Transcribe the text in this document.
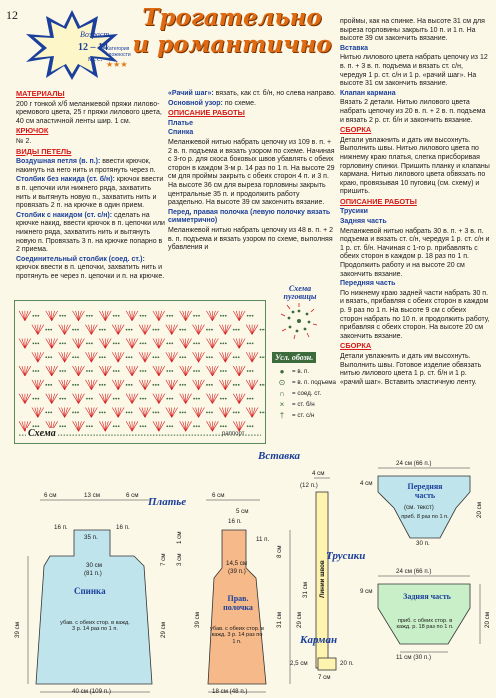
12
Возраст
12 – 14
мес.
Категория сложности
★★★
Трогательно
и романтично

МАТЕРИАЛЫ

200 г тонкой х/б меланжевой пряжи лилово-кремового цвета, 25 г пряжи лилового цвета, 40 см эластичной ленты шир. 1 см.

КРЮЧОК

№ 2.

ВИДЫ ПЕТЕЛЬ

Воздушная петля (в. п.): ввести крючок, накинуть на него нить и протянуть через п.

Столбик без накида (ст. б/н): крючок ввести в п. цепочки или нижнего ряда, захватить нить и вытянуть новую п., захватить нить и провязать 2 п. на крючке в один прием.

Столбик с накидом (ст. с/н): сделать на крючке накид, ввести крючок в п. цепочки или нижнего ряда, захватить нить и вытянуть новую п. Провязать 3 п. на крючке попарно в 2 приема.

Соединительный столбик (соед. ст.): крючок ввести в п. цепочки, захватить нить и протянуть ее через п. цепочки и п. на крючке.

«Рачий шаг»: вязать, как ст. б/н, но слева направо.

Основной узор: по схеме.

ОПИСАНИЕ РАБОТЫ

Платье

Спинка

Меланжевой нитью набрать цепочку из 109 в. п. + 2 в. п. подъема и вязать узором по схеме. Начиная с 3-го р. для скоса боковых швов убавлять с обеих сторон в каждом 3-м р. 14 раз по 1 п. На высоте 29 см для проймы закрыть с обеих сторон 4 п. и 3 п. На высоте 36 см для выреза горловины закрыть центральные 35 п. и продолжить работу раздельно. На высоте 39 см закончить вязание.

Перед, правая полочка (левую полочку вязать симметрично)

Меланжевой нитью набрать цепочку из 48 в. п. + 2 в. п. подъема и вязать узором по схеме, выполняя убавления и

проймы, как на спинке. На высоте 31 см для выреза горловины закрыть 10 п. и 1 п. На высоте 39 см закончить вязание.

Вставка

Нитью лилового цвета набрать цепочку из 12 в. п. + 3 в. п. подъема и вязать ст. с/н, чередуя 1 р. ст. с/н и 1 р. «рачий шаг». На высоте 31 см закончить вязание.

Клапан кармана

Вязать 2 детали. Нитью лилового цвета набрать цепочку из 20 в. п. + 2 в. п. подъема и вязать 2 р. ст. б/н и закончить вязание.

СБОРКА

Детали увлажнить и дать им высохнуть. Выполнить швы. Нитью лилового цвета по нижнему краю платья, слегка присборивая горловину спинки. Пришить планку и клапаны кармана. Нитью лилового цвета обвязать по краю, провязывая 10 пуговиц (см. схему) и пришить.

ОПИСАНИЕ РАБОТЫ

Трусики

Задняя часть

Меланжевой нитью набрать 30 в. п. + 3 в. п. подъема и вязать ст. с/н, чередуя 1 р. ст. с/н и 1 р. ст. б/н. Начиная с 1-го р. прибавлять с обеих сторон в каждом р. 18 раз по 1 п. Продолжить работу и на высоте 20 см закончить вязание.

Передняя часть

По нижнему краю задней части набрать 30 п. и вязать, прибавляя с обеих сторон в каждом р. 9 раз по 1 п. На высоте 9 см с обеих сторон набрать по 10 п. и продолжить работу, прибавляя с обеих сторон. На высоте 20 см закончить вязание.

СБОРКА

Детали увлажнить и дать им высохнуть. Выполнить швы. Готовое изделие обвязать нитью лилового цвета 1 р. ст. б/н и 1 р. «рачий шаг». Вставить эластичную ленту.

Схема	раппорт
Схема
пуговицы
Усл. обозн.
●	= в. п.
⊙	= в. п. подъема
∩	= соед. ст.
×	= ст. б/н
†	= ст. с/н
Платье
Вставка
Трусики
Карман
Спинка
Прав. полочка
Передняя часть
Задняя часть
Линии швов
6 см	13 см	6 см
16 п.
35 п.
16 п.
30 см
(81 п.)
40 см (109 п.)
39 см	29 см
7 см 3 см
1 см
убав. с обеих стор. в кажд. 3 р. 14 раз по 1 п.
6 см
5 см
16 п.
11 п.
14,5 см
(39 п.)
18 см (48 п.)
39 см	31 см 29 см
8 см
убав. с обеих стор. в кажд. 3 р. 14 раз по 1 п.
4 см
31 см
(12 п.)
7 см
2,5 см	20 п.
24 см (66 п.)
30 п.
4 см
приб. 8 раз по 1 п.
(см. текст)	20 см
24 см (66 п.)
9 см
приб. с обеих стор. в кажд. р. 18 раз по 1 п.
11 см (30 п.)
20 см
